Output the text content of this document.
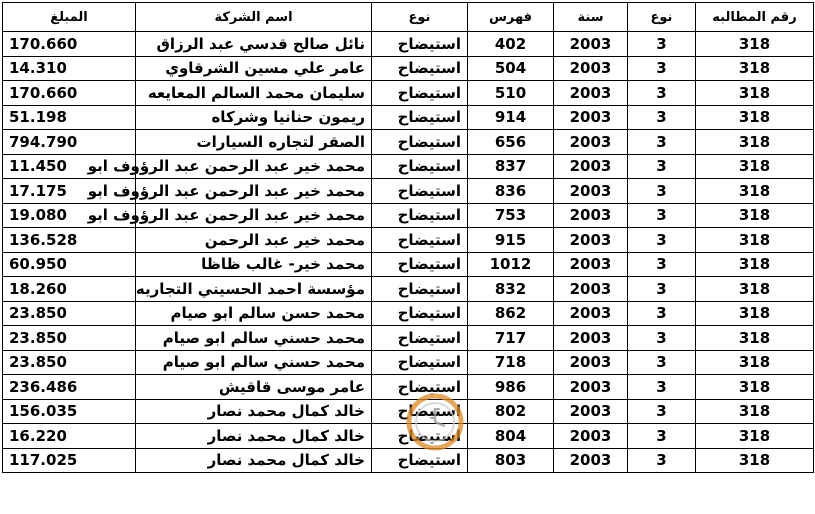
رقم المطالبه	نوع	سنة	فهرس	نوع	اسم الشركة	المبلغ
318	3	2003	402	استيضاح	نائل صالح قدسي عبد الرزاق	170.660
318	3	2003	504	استيضاح	عامر علي مسين الشرقاوي	14.310
318	3	2003	510	استيضاح	سليمان محمد السالم المعايعه	170.660
318	3	2003	914	استيضاح	ريمون حنانيا وشركاه	51.198
318	3	2003	656	استيضاح	الصقر لتجاره السيارات	794.790
318	3	2003	837	استيضاح	محمد خير عبد الرحمن عبد الرؤوف ابو	11.450
318	3	2003	836	استيضاح	محمد خير عبد الرحمن عبد الرؤوف ابو	17.175
318	3	2003	753	استيضاح	محمد خير عبد الرحمن عبد الرؤوف ابو	19.080
318	3	2003	915	استيضاح	محمد خير عبد الرحمن	136.528
318	3	2003	1012	استيضاح	محمد خير- غالب ظاظا	60.950
318	3	2003	832	استيضاح	مؤسسة احمد الحسيني التجاريه	18.260
318	3	2003	862	استيضاح	محمد حسن سالم ابو صيام	23.850
318	3	2003	717	استيضاح	محمد حسني سالم ابو صيام	23.850
318	3	2003	718	استيضاح	محمد حسني سالم ابو صيام	23.850
318	3	2003	986	استيضاح	عامر موسى قاقيش	236.486
318	3	2003	802	استيضاح	خالد كمال محمد نصار	156.035
318	3	2003	804	استيضاح	خالد كمال محمد نصار	16.220
318	3	2003	803	استيضاح	خالد كمال محمد نصار	117.025
